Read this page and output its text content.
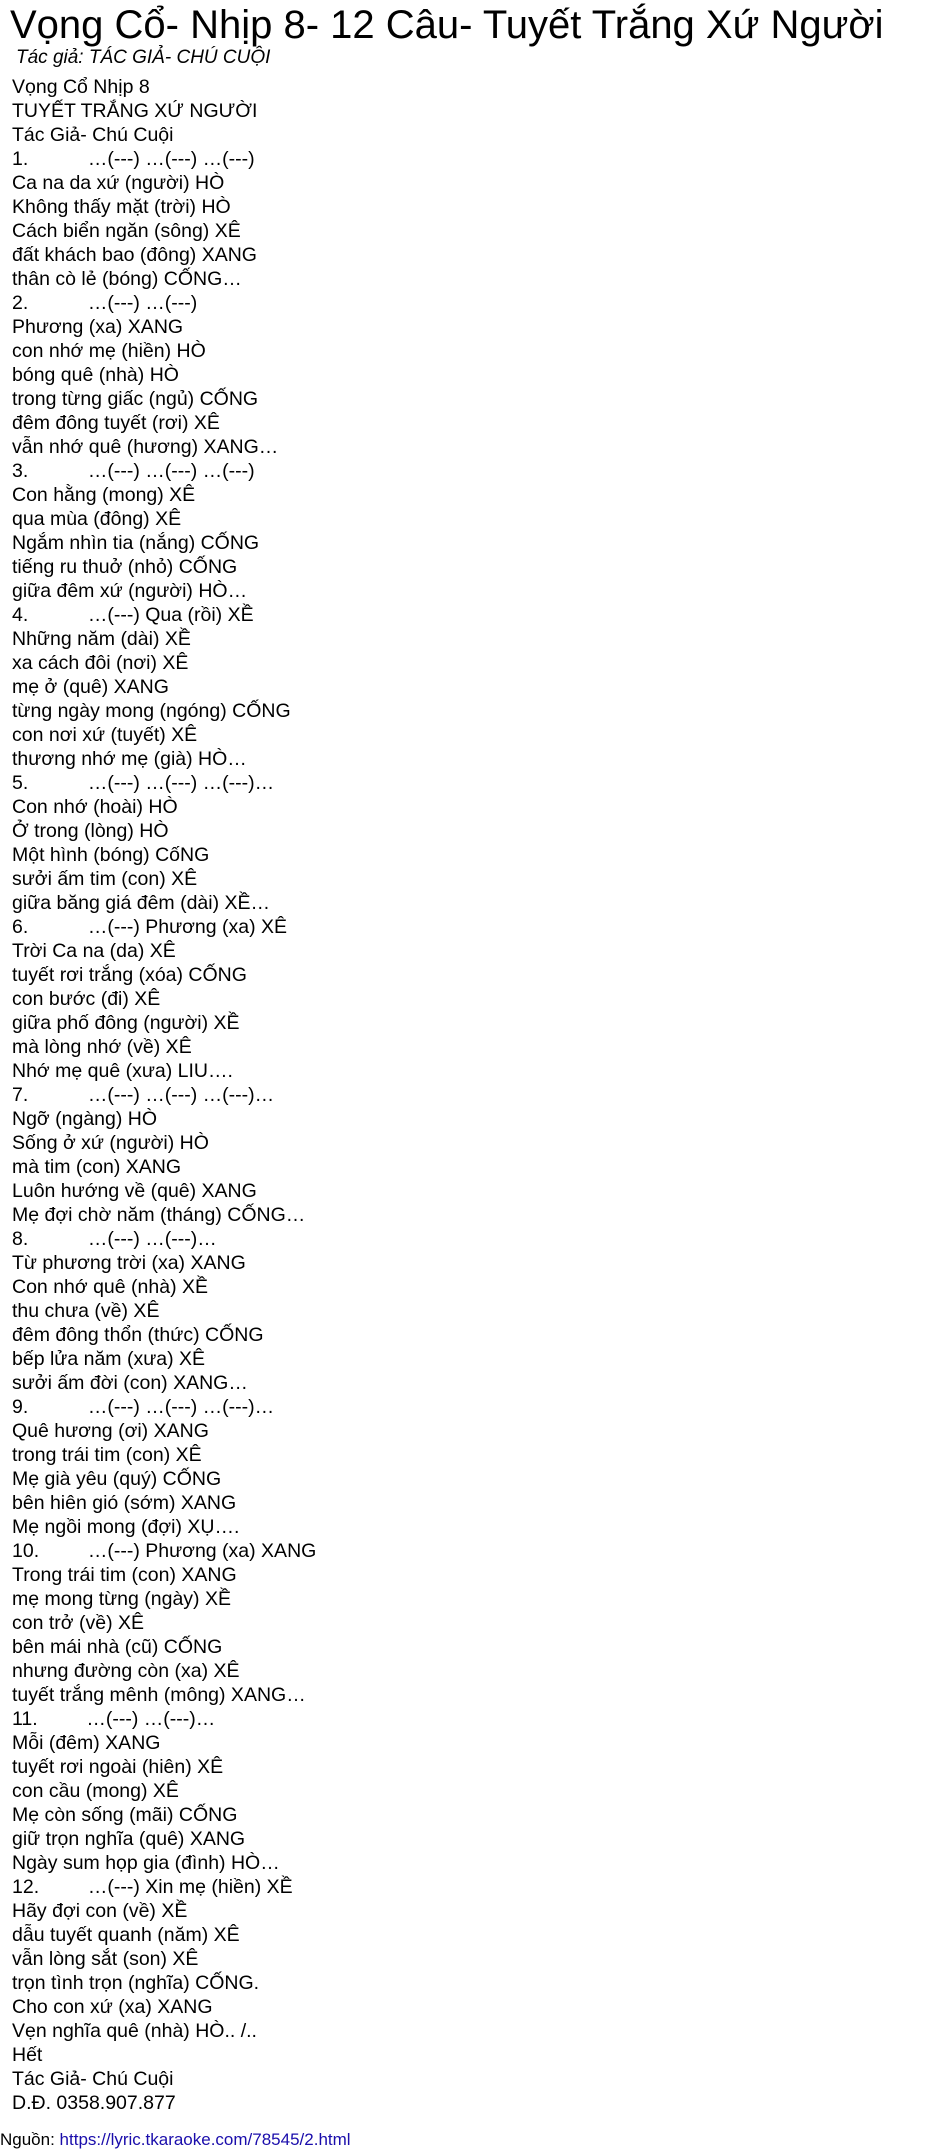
Vọng Cổ- Nhịp 8- 12 Câu- Tuyết Trắng Xứ Người
Tác giả: TÁC GIẢ- CHÚ CUỘI
Vọng Cổ Nhịp 8
TUYẾT TRẮNG XỨ NGƯỜI
Tác Giả- Chú Cuội
1.           …(---) …(---) …(---)
Ca na da xứ (người) HÒ
Không thấy mặt (trời) HÒ
Cách biển ngăn (sông) XÊ
đất khách bao (đông) XANG
thân cò lẻ (bóng) CỐNG…
2.           …(---) …(---)
Phương (xa) XANG
con nhớ mẹ (hiền) HÒ
bóng quê (nhà) HÒ
trong từng giấc (ngủ) CỐNG
đêm đông tuyết (rơi) XÊ
vẫn nhớ quê (hương) XANG…
3.           …(---) …(---) …(---)
Con hằng (mong) XÊ
qua mùa (đông) XÊ
Ngắm nhìn tia (nắng) CỐNG
tiếng ru thuở (nhỏ) CỐNG
giữa đêm xứ (người) HÒ…
4.           …(---) Qua (rồi) XỀ
Những năm (dài) XỀ
xa cách đôi (nơi) XÊ
mẹ ở (quê) XANG
từng ngày mong (ngóng) CỐNG
con nơi xứ (tuyết) XÊ
thương nhớ mẹ (già) HÒ…
5.           …(---) …(---) …(---)…
Con nhớ (hoài) HÒ
Ở trong (lòng) HÒ
Một hình (bóng) CốNG
sưởi ấm tim (con) XÊ
giữa băng giá đêm (dài) XỀ…
6.           …(---) Phương (xa) XÊ
Trời Ca na (da) XÊ
tuyết rơi trắng (xóa) CỐNG
con bước (đi) XÊ
giữa phố đông (người) XỀ
mà lòng nhớ (về) XÊ
Nhớ mẹ quê (xưa) LIU….
7.           …(---) …(---) …(---)…
Ngỡ (ngàng) HÒ
Sống ở xứ (người) HÒ
mà tim (con) XANG
Luôn hướng về (quê) XANG
Mẹ đợi chờ năm (tháng) CỐNG…
8.           …(---) …(---)…
Từ phương trời (xa) XANG
Con nhớ quê (nhà) XỀ
thu chưa (về) XÊ
đêm đông thổn (thức) CỐNG
bếp lửa năm (xưa) XÊ
sưởi ấm đời (con) XANG…
9.           …(---) …(---) …(---)…
Quê hương (ơi) XANG
trong trái tim (con) XÊ
Mẹ già yêu (quý) CỐNG
bên hiên gió (sớm) XANG
Mẹ ngồi mong (đợi) XỤ….
10.         …(---) Phương (xa) XANG
Trong trái tim (con) XANG
mẹ mong từng (ngày) XỀ
con trở (về) XÊ
bên mái nhà (cũ) CỐNG
nhưng đường còn (xa) XÊ
tuyết trắng mênh (mông) XANG…
11.         …(---) …(---)…
Mỗi (đêm) XANG
tuyết rơi ngoài (hiên) XÊ
con cầu (mong) XÊ
Mẹ còn sống (mãi) CỐNG
giữ trọn nghĩa (quê) XANG
Ngày sum họp gia (đình) HÒ…
12.         …(---) Xin mẹ (hiền) XỀ
Hãy đợi con (về) XỀ
dẫu tuyết quanh (năm) XÊ
vẫn lòng sắt (son) XÊ
trọn tình trọn (nghĩa) CỐNG.
Cho con xứ (xa) XANG
Vẹn nghĩa quê (nhà) HÒ.. /..
Hết
Tác Giả- Chú Cuội
D.Đ. 0358.907.877
Nguồn: https://lyric.tkaraoke.com/78545/2.html
